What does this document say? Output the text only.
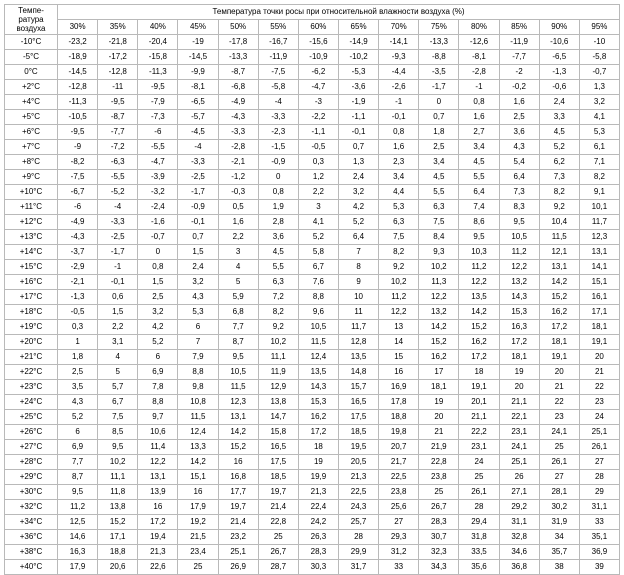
Темпе-
ратура
воздуха	Температура точки росы при относительной влажности воздуха (%)													
	30%	35%	40%	45%	50%	55%	60%	65%	70%	75%	80%	85%	90%	95%
-10°C	-23,2	-21,8	-20,4	-19	-17,8	-16,7	-15,6	-14,9	-14,1	-13,3	-12,6	-11,9	-10,6	-10
-5°C	-18,9	-17,2	-15,8	-14,5	-13,3	-11,9	-10,9	-10,2	-9,3	-8,8	-8,1	-7,7	-6,5	-5,8
0°C	-14,5	-12,8	-11,3	-9,9	-8,7	-7,5	-6,2	-5,3	-4,4	-3,5	-2,8	-2	-1,3	-0,7
+2°C	-12,8	-11	-9,5	-8,1	-6,8	-5,8	-4,7	-3,6	-2,6	-1,7	-1	-0,2	-0,6	1,3
+4°C	-11,3	-9,5	-7,9	-6,5	-4,9	-4	-3	-1,9	-1	0	0,8	1,6	2,4	3,2
+5°C	-10,5	-8,7	-7,3	-5,7	-4,3	-3,3	-2,2	-1,1	-0,1	0,7	1,6	2,5	3,3	4,1
+6°C	-9,5	-7,7	-6	-4,5	-3,3	-2,3	-1,1	-0,1	0,8	1,8	2,7	3,6	4,5	5,3
+7°C	-9	-7,2	-5,5	-4	-2,8	-1,5	-0,5	0,7	1,6	2,5	3,4	4,3	5,2	6,1
+8°C	-8,2	-6,3	-4,7	-3,3	-2,1	-0,9	0,3	1,3	2,3	3,4	4,5	5,4	6,2	7,1
+9°C	-7,5	-5,5	-3,9	-2,5	-1,2	0	1,2	2,4	3,4	4,5	5,5	6,4	7,3	8,2
+10°C	-6,7	-5,2	-3,2	-1,7	-0,3	0,8	2,2	3,2	4,4	5,5	6,4	7,3	8,2	9,1
+11°C	-6	-4	-2,4	-0,9	0,5	1,9	3	4,2	5,3	6,3	7,4	8,3	9,2	10,1
+12°C	-4,9	-3,3	-1,6	-0,1	1,6	2,8	4,1	5,2	6,3	7,5	8,6	9,5	10,4	11,7
+13°C	-4,3	-2,5	-0,7	0,7	2,2	3,6	5,2	6,4	7,5	8,4	9,5	10,5	11,5	12,3
+14°C	-3,7	-1,7	0	1,5	3	4,5	5,8	7	8,2	9,3	10,3	11,2	12,1	13,1
+15°C	-2,9	-1	0,8	2,4	4	5,5	6,7	8	9,2	10,2	11,2	12,2	13,1	14,1
+16°C	-2,1	-0,1	1,5	3,2	5	6,3	7,6	9	10,2	11,3	12,2	13,2	14,2	15,1
+17°C	-1,3	0,6	2,5	4,3	5,9	7,2	8,8	10	11,2	12,2	13,5	14,3	15,2	16,1
+18°C	-0,5	1,5	3,2	5,3	6,8	8,2	9,6	11	12,2	13,2	14,2	15,3	16,2	17,1
+19°C	0,3	2,2	4,2	6	7,7	9,2	10,5	11,7	13	14,2	15,2	16,3	17,2	18,1
+20°C	1	3,1	5,2	7	8,7	10,2	11,5	12,8	14	15,2	16,2	17,2	18,1	19,1
+21°C	1,8	4	6	7,9	9,5	11,1	12,4	13,5	15	16,2	17,2	18,1	19,1	20
+22°C	2,5	5	6,9	8,8	10,5	11,9	13,5	14,8	16	17	18	19	20	21
+23°C	3,5	5,7	7,8	9,8	11,5	12,9	14,3	15,7	16,9	18,1	19,1	20	21	22
+24°C	4,3	6,7	8,8	10,8	12,3	13,8	15,3	16,5	17,8	19	20,1	21,1	22	23
+25°C	5,2	7,5	9,7	11,5	13,1	14,7	16,2	17,5	18,8	20	21,1	22,1	23	24
+26°C	6	8,5	10,6	12,4	14,2	15,8	17,2	18,5	19,8	21	22,2	23,1	24,1	25,1
+27°C	6,9	9,5	11,4	13,3	15,2	16,5	18	19,5	20,7	21,9	23,1	24,1	25	26,1
+28°C	7,7	10,2	12,2	14,2	16	17,5	19	20,5	21,7	22,8	24	25,1	26,1	27
+29°C	8,7	11,1	13,1	15,1	16,8	18,5	19,9	21,3	22,5	23,8	25	26	27	28
+30°C	9,5	11,8	13,9	16	17,7	19,7	21,3	22,5	23,8	25	26,1	27,1	28,1	29
+32°C	11,2	13,8	16	17,9	19,7	21,4	22,4	24,3	25,6	26,7	28	29,2	30,2	31,1
+34°C	12,5	15,2	17,2	19,2	21,4	22,8	24,2	25,7	27	28,3	29,4	31,1	31,9	33
+36°C	14,6	17,1	19,4	21,5	23,2	25	26,3	28	29,3	30,7	31,8	32,8	34	35,1
+38°C	16,3	18,8	21,3	23,4	25,1	26,7	28,3	29,9	31,2	32,3	33,5	34,6	35,7	36,9
+40°C	17,9	20,6	22,6	25	26,9	28,7	30,3	31,7	33	34,3	35,6	36,8	38	39
